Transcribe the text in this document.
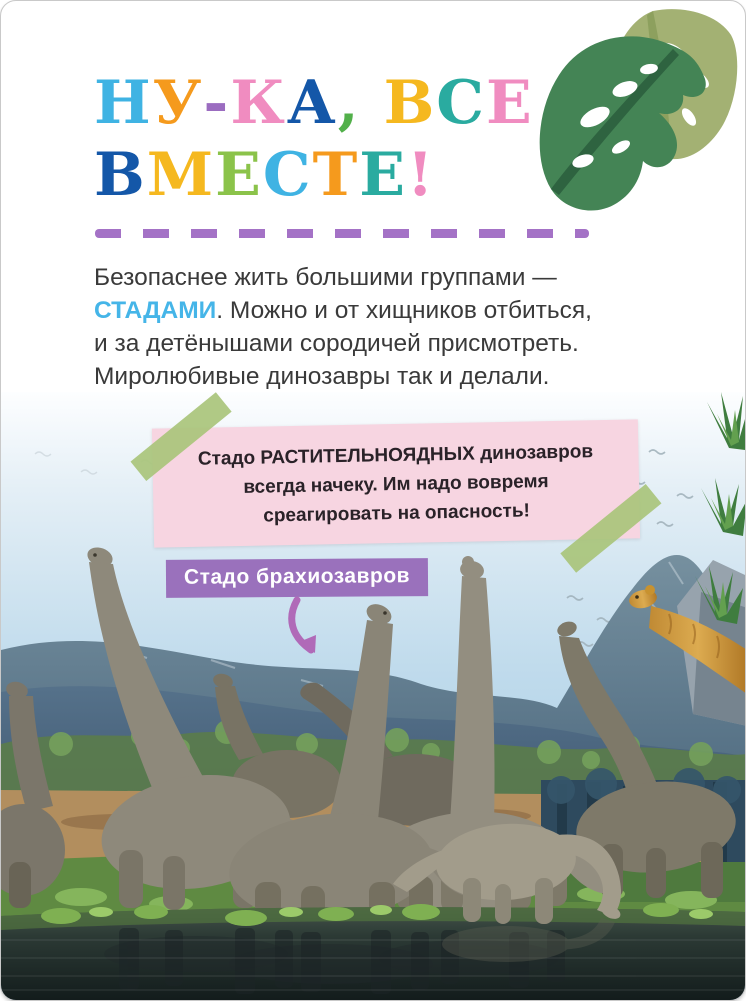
НУ-КА, ВСЕ
ВМЕСТЕ!
Безопаснее жить большими группами —
СТАДАМИ. Можно и от хищников отбиться,
и за детёнышами сородичей присмотреть.
Миролюбивые динозавры так и делали.
Стадо РАСТИТЕЛЬНОЯДНЫХ динозавров
всегда начеку. Им надо вовремя
среагировать на опасность!
Стадо брахиозавров
